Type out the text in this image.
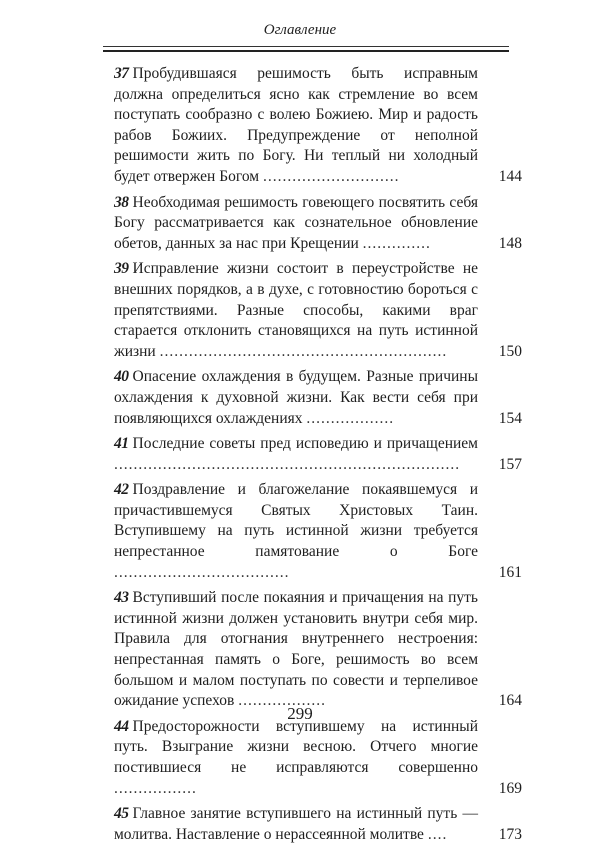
Оглавление
37 Пробудившаяся решимость быть исправным должна определиться ясно как стремление во всем поступать сообразно с волею Божиею. Мир и радость рабов Божиих. Предупреждение от неполной решимости жить по Богу. Ни теплый ни холодный будет отвержен Богом ............................	144
38 Необходимая решимость говеющего посвятить себя Богу рассматривается как сознательное обновление обетов, данных за нас при Крещении ..............	148
39 Исправление жизни состоит в переустройстве не внешних порядков, а в духе, с готовностию бороться с препятствиями. Разные способы, какими враг старается отклонить становящихся на путь истинной жизни ...........................................................	150
40 Опасение охлаждения в будущем. Разные причины охлаждения к духовной жизни. Как вести себя при появляющихся охлаждениях ..................	154
41 Последние советы пред исповедию и причащением .......................................................................	157
42 Поздравление и благожелание покаявшемуся и причастившемуся Святых Христовых Таин. Вступившему на путь истинной жизни требуется непрестанное памятование о Боге ....................................	161
43 Вступивший после покаяния и причащения на путь истинной жизни должен установить внутри себя мир. Правила для отогнания внутреннего нестроения: непрестанная память о Боге, решимость во всем большом и малом поступать по совести и терпеливое ожидание успехов ..................	164
44 Предосторожности вступившему на истинный путь. Взыграние жизни весною. Отчего многие постившиеся не исправляются совершенно .................	169
45 Главное занятие вступившего на истинный путь — молитва. Наставление о нерассеянной молитве ....	173
299
